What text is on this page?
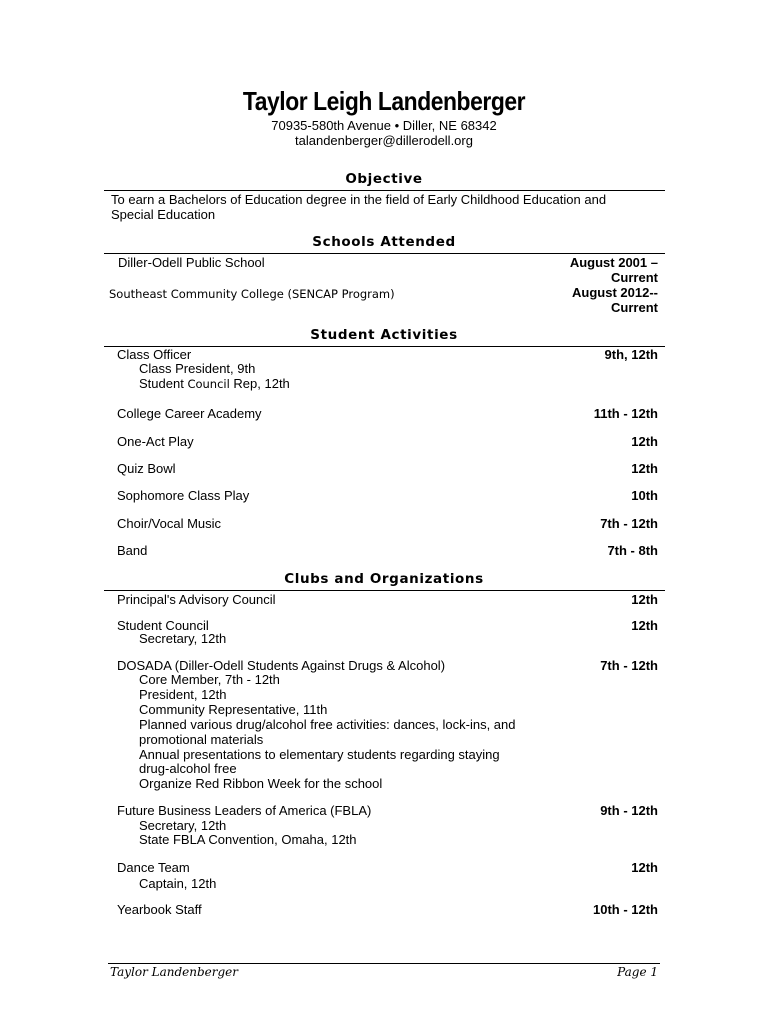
Taylor Leigh Landenberger
70935-580th Avenue • Diller, NE 68342
talandenberger@dillerodell.org
Objective
To earn a Bachelors of Education degree in the field of Early Childhood Education and
Special Education
Schools Attended
Diller-Odell Public School	August 2001 –
Current
Southeast Community College (SENCAP Program)	August 2012--
Current
Student Activities
Class Officer	9th, 12th
Class President, 9th
Student Council Rep, 12th
College Career Academy	11th - 12th
One-Act Play	12th
Quiz Bowl	12th
Sophomore Class Play	10th
Choir/Vocal Music	7th - 12th
Band	7th - 8th
Clubs and Organizations
Principal's Advisory Council	12th
Student Council	12th
Secretary, 12th
DOSADA (Diller-Odell Students Against Drugs & Alcohol)	7th - 12th
Core Member, 7th - 12th
President, 12th
Community Representative, 11th
Planned various drug/alcohol free activities: dances, lock-ins, and
promotional materials
Annual presentations to elementary students regarding staying
drug-alcohol free
Organize Red Ribbon Week for the school
Future Business Leaders of America (FBLA)	9th - 12th
Secretary, 12th
State FBLA Convention, Omaha, 12th
Dance Team	12th
Captain, 12th
Yearbook Staff	10th - 12th
Taylor Landenberger	Page 1
